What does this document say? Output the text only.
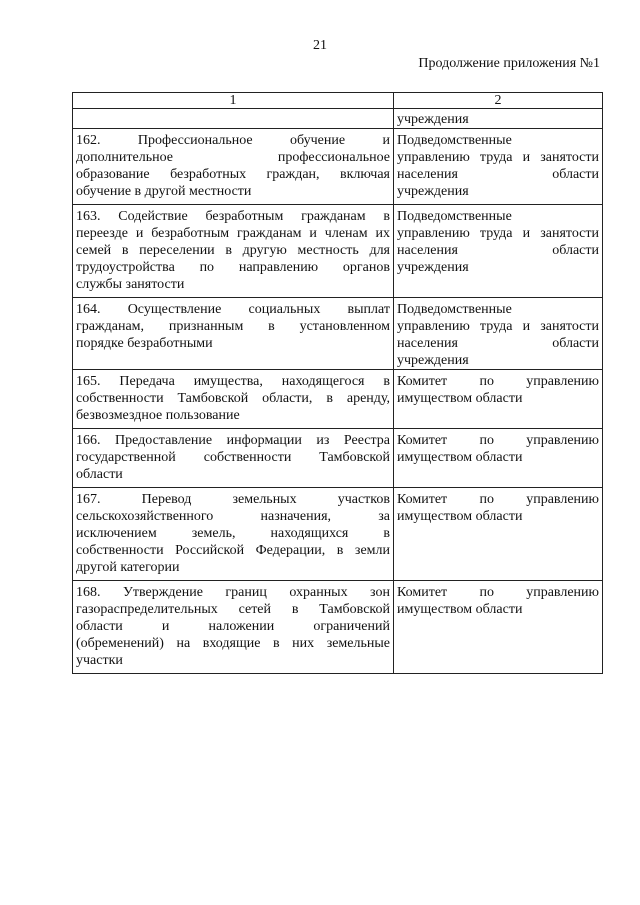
21
Продолжение приложения №1
1	2
	учреждения

162. Профессиональное обучение и
дополнительное профессиональное
образование безработных граждан, включая
обучение в другой местности	Подведомственные
управлению труда и занятости
населения области
учреждения

163. Содействие безработным гражданам в
переезде и безработным гражданам и членам их
семей в переселении в другую местность для
трудоустройства по направлению органов
службы занятости	Подведомственные
управлению труда и занятости
населения области
учреждения

164. Осуществление социальных выплат
гражданам, признанным в установленном
порядке безработными	Подведомственные
управлению труда и занятости
населения области
учреждения

165. Передача имущества, находящегося в
собственности Тамбовской области, в аренду,
безвозмездное пользование	Комитет по управлению
имуществом области

166. Предоставление информации из Реестра
государственной собственности Тамбовской
области	Комитет по управлению
имуществом области

167. Перевод земельных участков
сельскохозяйственного назначения, за
исключением земель, находящихся в
собственности Российской Федерации, в земли
другой категории	Комитет по управлению
имуществом области

168. Утверждение границ охранных зон
газораспределительных сетей в Тамбовской
области и наложении ограничений
(обременений) на входящие в них земельные
участки	Комитет по управлению
имуществом области
